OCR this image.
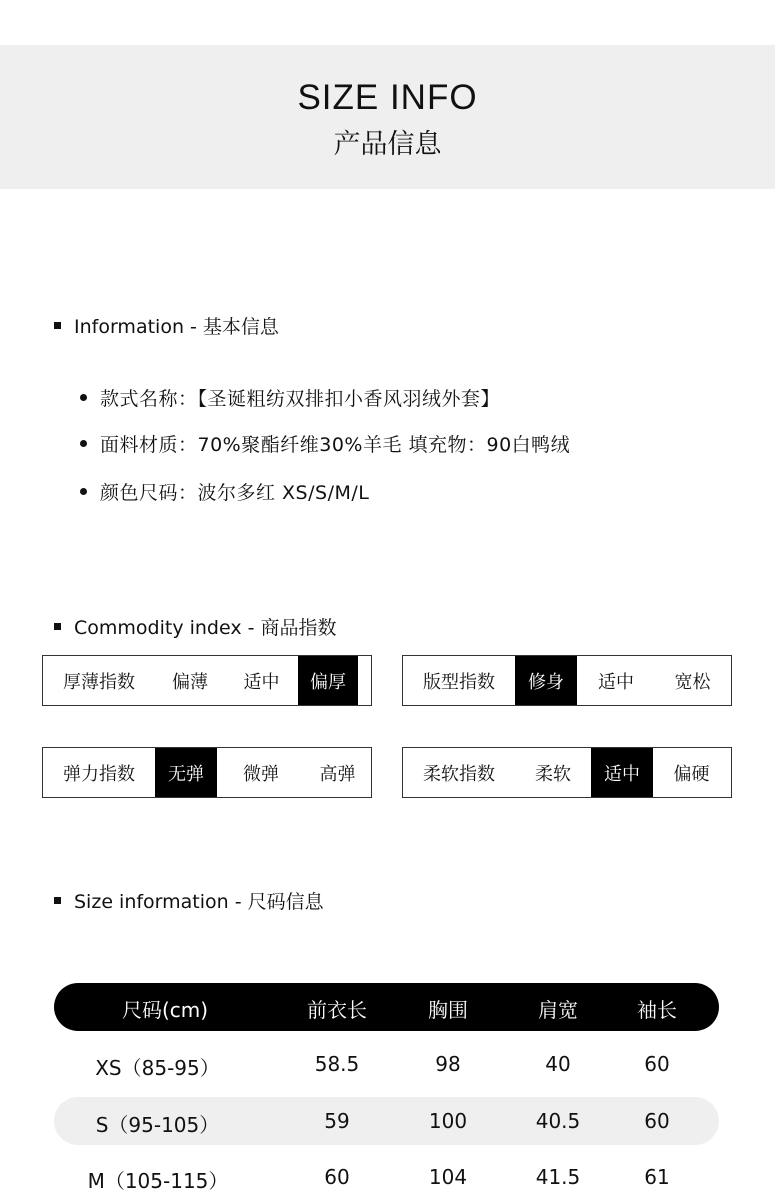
SIZE INFO
产品信息
Information - 基本信息
款式名称：【圣诞粗纺双排扣小香风羽绒外套】
面料材质：70%聚酯纤维30%羊毛 填充物：90白鸭绒
颜色尺码：波尔多红 XS/S/M/L
Commodity index - 商品指数
厚薄指数	偏薄	适中	偏厚	版型指数	修身	适中	宽松
弹力指数	无弹	微弹	高弹	柔软指数	柔软	适中	偏硬
Size information - 尺码信息
尺码(cm)	前衣长	胸围	肩宽	袖长
XS（85-95）	58.5	98	40	60
S（95-105）	59	100	40.5	60
M（105-115）	60	104	41.5	61
